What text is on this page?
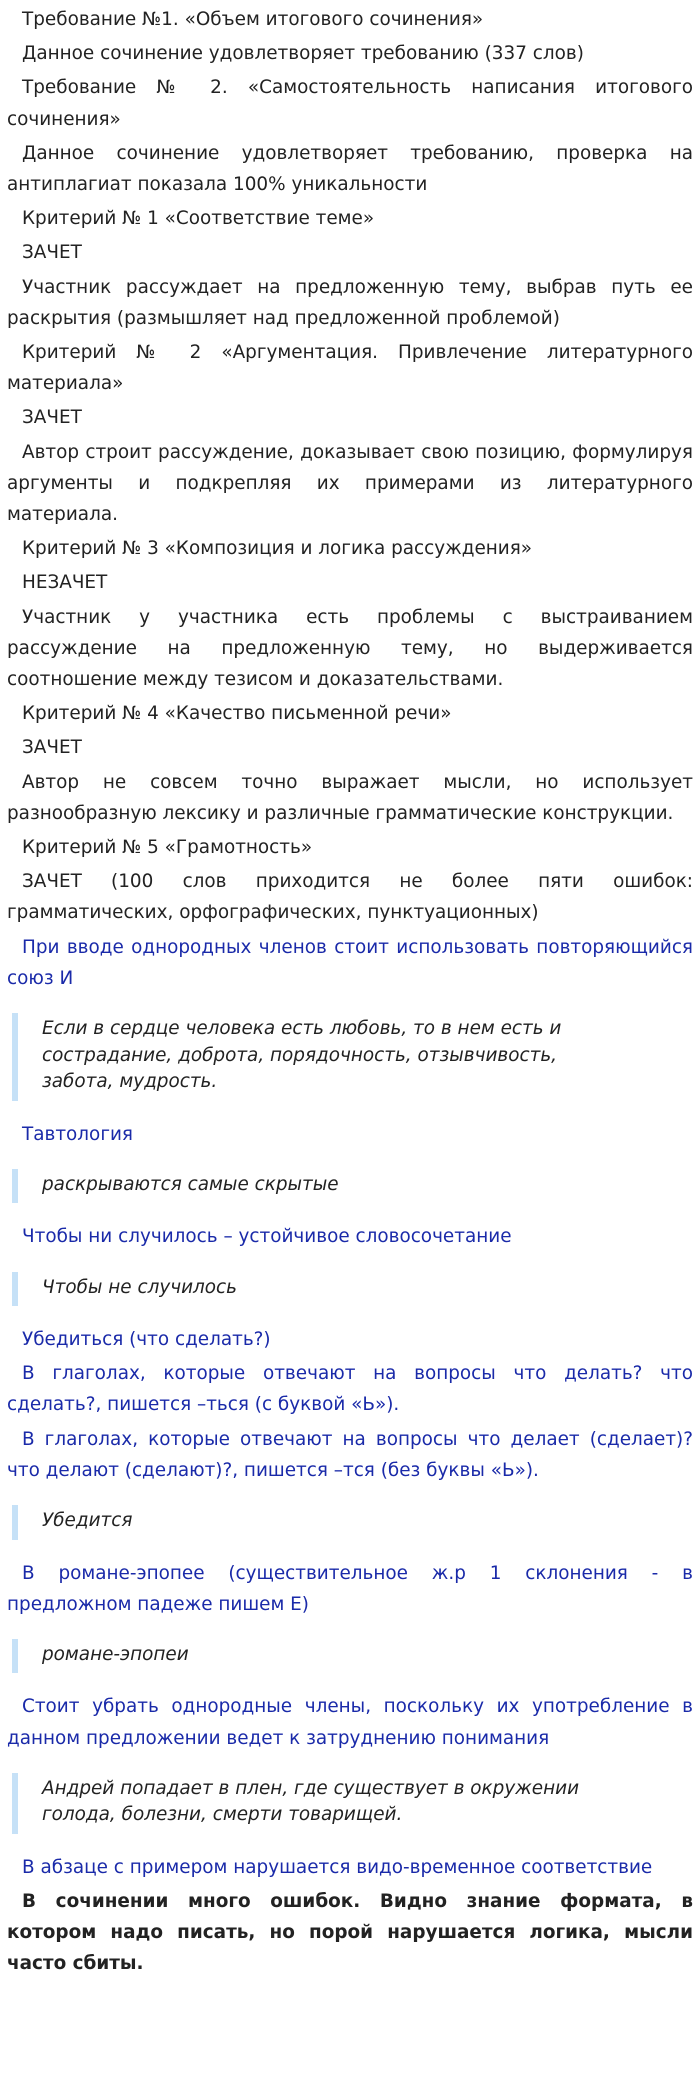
Требование №1. «Объем итогового сочинения»

Данное сочинение удовлетворяет требованию (337 слов)

Требование № 2. «Самостоятельность написания итогового сочинения»

Данное сочинение удовлетворяет требованию, проверка на антиплагиат показала 100% уникальности

Критерий № 1 «Соответствие теме»

ЗАЧЕТ

Участник рассуждает на предложенную тему, выбрав путь ее раскрытия (размышляет над предложенной проблемой)

Критерий № 2 «Аргументация. Привлечение литературного материала»

ЗАЧЕТ

Автор строит рассуждение, доказывает свою позицию, формулируя аргументы и подкрепляя их примерами из литературного материала.

Критерий № 3 «Композиция и логика рассуждения»

НЕЗАЧЕТ

Участник у участника есть проблемы с выстраиванием рассуждение на предложенную тему, но выдерживается соотношение между тезисом и доказательствами.

Критерий № 4 «Качество письменной речи»

ЗАЧЕТ

Автор не совсем точно выражает мысли, но использует разнообразную лексику и различные грамматические конструкции.

Критерий № 5 «Грамотность»

ЗАЧЕТ (100 слов приходится не более пяти ошибок: грамматических, орфографических, пунктуационных)

При вводе однородных членов стоит использовать повторяющийся союз И

Если в сердце человека есть любовь, то в нем есть и
сострадание, доброта, порядочность, отзывчивость,
забота, мудрость.

Тавтология

раскрываются самые скрытые

Чтобы ни случилось – устойчивое словосочетание

Чтобы не случилось

Убедиться (что сделать?)

В глаголах, которые отвечают на вопросы что делать? что сделать?, пишется –ться (с буквой «Ь»).

В глаголах, которые отвечают на вопросы что делает (сделает)? что делают (сделают)?, пишется –тся (без буквы «Ь»).

Убедится

В романе-эпопее (существительное ж.р 1 склонения - в предложном падеже пишем Е)

романе-эпопеи

Стоит убрать однородные члены, поскольку их употребление в данном предложении ведет к затруднению понимания

Андрей попадает в плен, где существует в окружении
голода, болезни, смерти товарищей.

В абзаце с примером нарушается видо-временное соответствие

В сочинении много ошибок. Видно знание формата, в котором надо писать, но порой нарушается логика, мысли часто сбиты.
